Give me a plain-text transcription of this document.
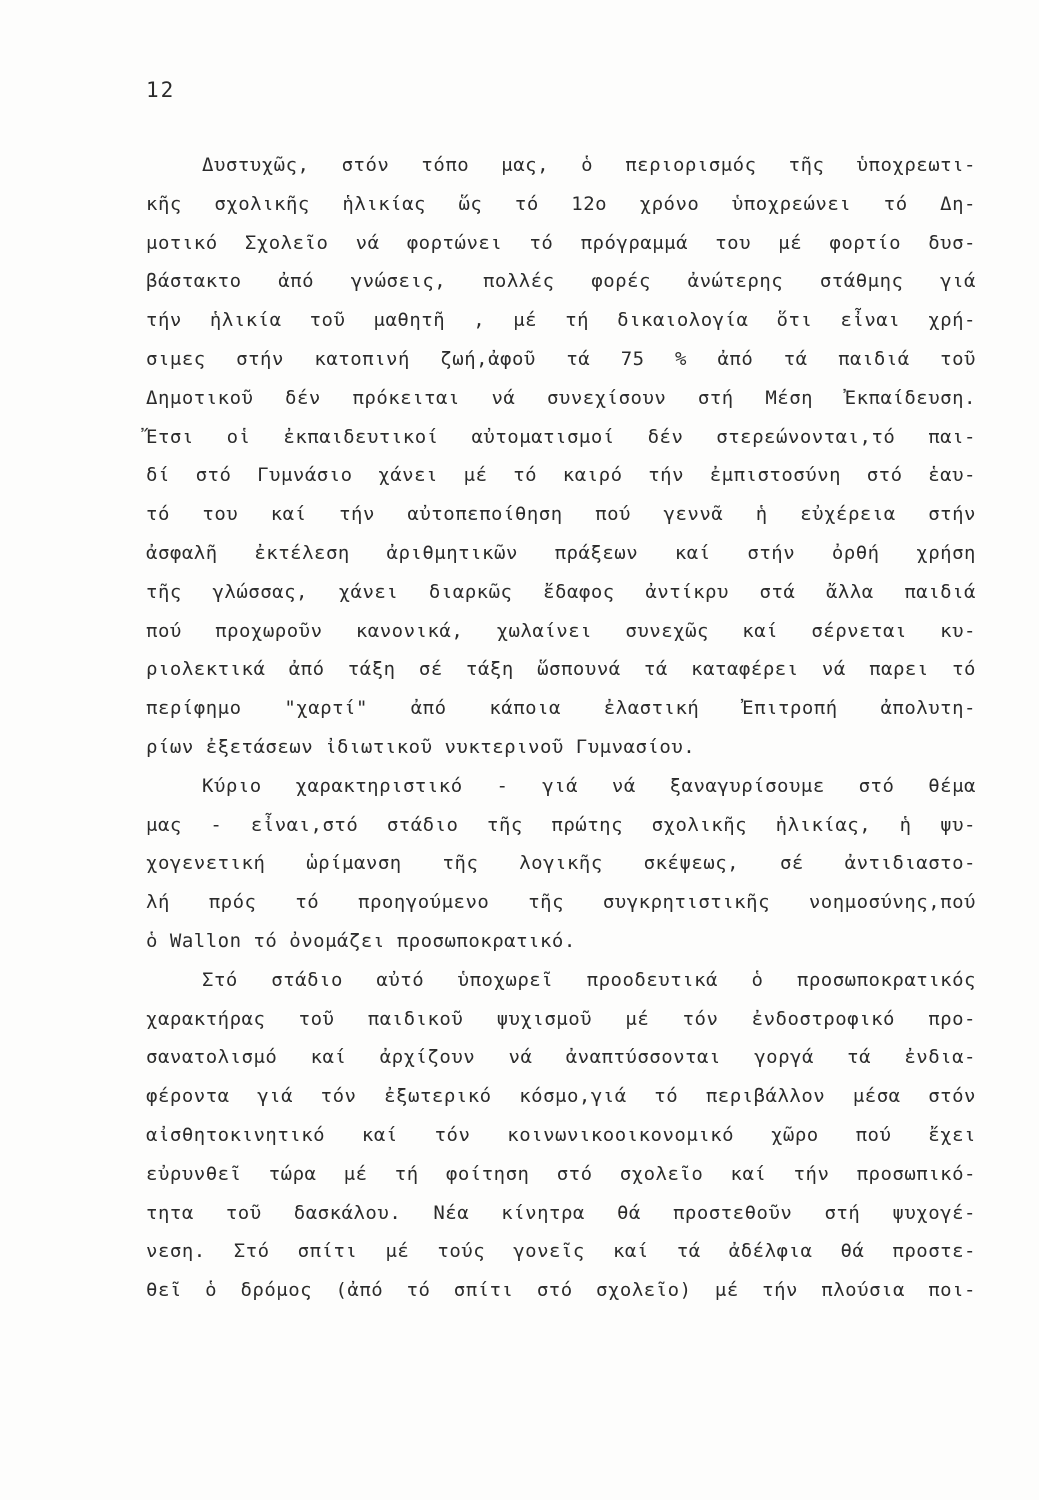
12
Δυστυχῶς, στόν τόπο μας, ὁ περιορισμός τῆς ὑποχρεωτι-
κῆς σχολικῆς ἡλικίας ὥς τό 12ο χρόνο ὑποχρεώνει τό Δη-
μοτικό Σχολεῖο νά φορτώνει τό πρόγραμμά του μέ φορτίο δυσ-
βάστακτο ἀπό γνώσεις, πολλές φορές ἀνώτερης στάθμης γιά
τήν ἡλικία τοῦ μαθητῆ , μέ τή δικαιολογία ὅτι εἶναι χρή-
σιμες στήν κατοπινή ζωή,ἀφοῦ τά 75 % ἀπό τά παιδιά τοῦ
Δημοτικοῦ δέν πρόκειται νά συνεχίσουν στή Μέση Ἐκπαίδευση.
Ἔτσι οἱ ἐκπαιδευτικοί αὐτοματισμοί δέν στερεώνονται,τό παι-
δί στό Γυμνάσιο χάνει μέ τό καιρό τήν ἐμπιστοσύνη στό ἑαυ-
τό του καί τήν αὐτοπεποίθηση πού γεννᾶ ἡ εὐχέρεια στήν
ἀσφαλῆ ἐκτέλεση ἀριθμητικῶν πράξεων καί στήν ὀρθή χρήση
τῆς γλώσσας, χάνει διαρκῶς ἔδαφος ἀντίκρυ στά ἄλλα παιδιά
πού προχωροῦν κανονικά, χωλαίνει συνεχῶς καί σέρνεται κυ-
ριολεκτικά ἀπό τάξη σέ τάξη ὥσπουνά τά καταφέρει νά παρει τό
περίφημο "χαρτί" ἀπό κάποια ἐλαστική Ἐπιτροπή ἀπολυτη-
ρίων ἐξετάσεων ἰδιωτικοῦ νυκτερινοῦ Γυμνασίου.
Κύριο χαρακτηριστικό - γιά νά ξαναγυρίσουμε στό θέμα
μας - εἶναι,στό στάδιο τῆς πρώτης σχολικῆς ἡλικίας, ἡ ψυ-
χογενετική ὡρίμανση τῆς λογικῆς σκέψεως, σέ ἀντιδιαστο-
λή πρός τό προηγούμενο τῆς συγκρητιστικῆς νοημοσύνης,πού
ὁ Wallon τό ὀνομάζει προσωποκρατικό.
Στό στάδιο αὐτό ὑποχωρεῖ προοδευτικά ὁ προσωποκρατικός
χαρακτήρας τοῦ παιδικοῦ ψυχισμοῦ μέ τόν ἐνδοστροφικό προ-
σανατολισμό καί ἀρχίζουν νά ἀναπτύσσονται γοργά τά ἐνδια-
φέροντα γιά τόν ἐξωτερικό κόσμο,γιά τό περιβάλλον μέσα στόν
αἰσθητοκινητικό καί τόν κοινωνικοοικονομικό χῶρο πού ἔχει
εὐρυνθεῖ τώρα μέ τή φοίτηση στό σχολεῖο καί τήν προσωπικό-
τητα τοῦ δασκάλου. Νέα κίνητρα θά προστεθοῦν στή ψυχογέ-
νεση. Στό σπίτι μέ τούς γονεῖς καί τά ἀδέλφια θά προστε-
θεῖ ὁ δρόμος (ἀπό τό σπίτι στό σχολεῖο) μέ τήν πλούσια ποι-
